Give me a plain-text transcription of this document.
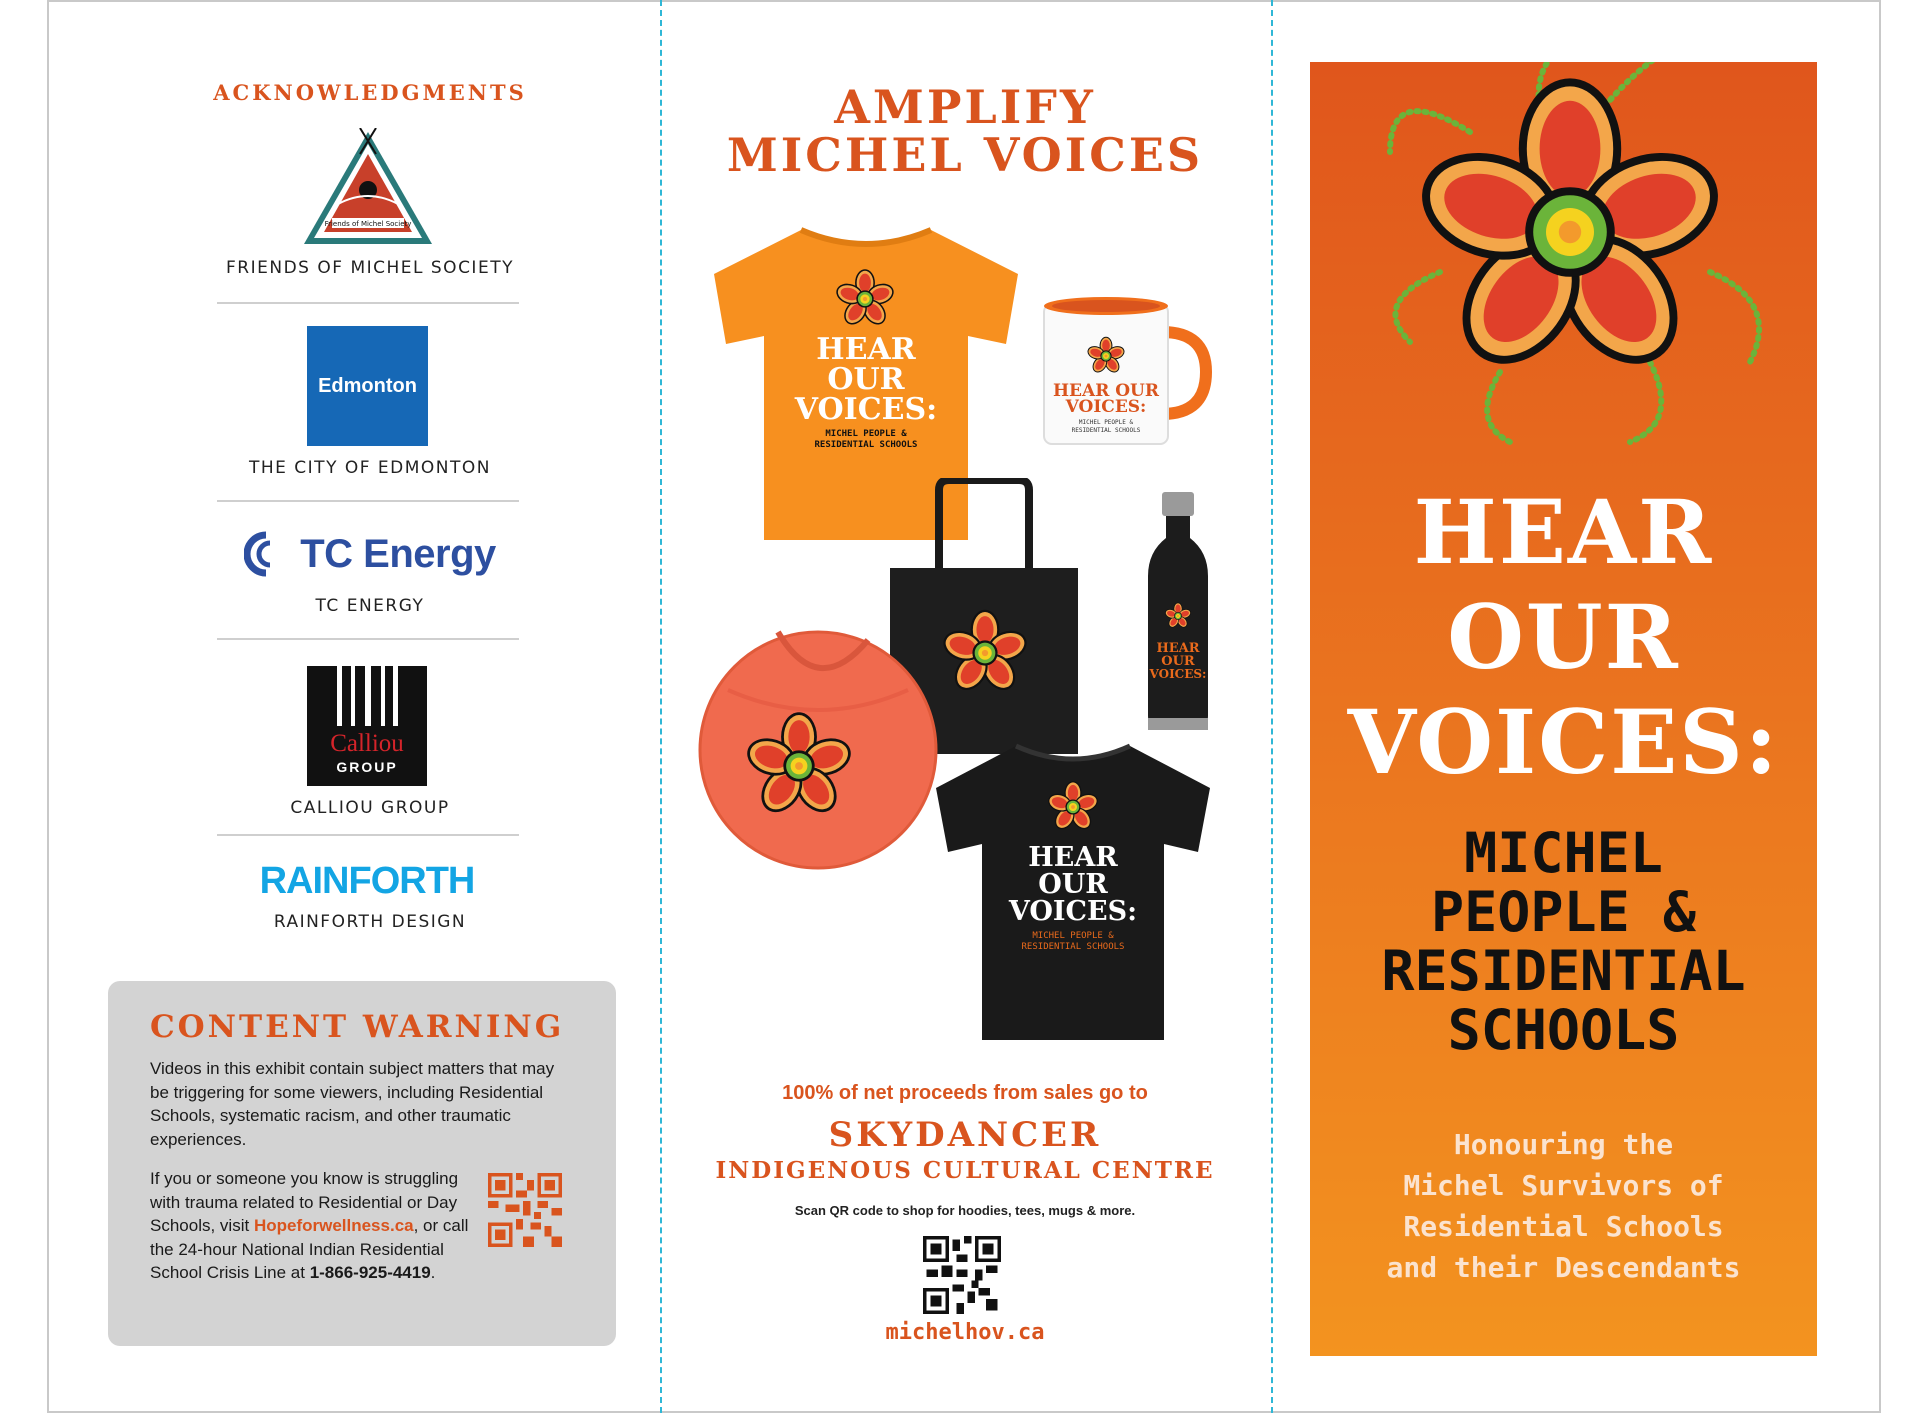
ACKNOWLEDGMENTS
Friends of Michel Society
FRIENDS OF MICHEL SOCIETY
Edmonton
THE CITY OF EDMONTON
TC Energy
TC ENERGY
Calliou
GROUP
CALLIOU GROUP
RAINFORTH
RAINFORTH DESIGN
CONTENT WARNING
Videos in this exhibit contain subject matters that may be triggering for some viewers, including Residential Schools, systematic racism, and other traumatic experiences.
If you or someone you know is struggling with trauma related to Residential or Day Schools, visit Hopeforwellness.ca, or call the 24-hour National Indian Residential School Crisis Line at 1-866-925-4419.
AMPLIFY
MICHEL VOICES
HEAR
OUR
VOICES:
MICHEL PEOPLE &
RESIDENTIAL SCHOOLS
HEAR OUR
VOICES:
MICHEL PEOPLE &
RESIDENTIAL SCHOOLS
HEAR
OUR
VOICES:
HEAR
OUR
VOICES:
MICHEL PEOPLE &
RESIDENTIAL SCHOOLS
100% of net proceeds from sales go to
SKYDANCER
INDIGENOUS CULTURAL CENTRE
Scan QR code to shop for hoodies, tees, mugs & more.
michelhov.ca
HEAR
OUR
VOICES:
MICHEL
PEOPLE &
RESIDENTIAL
SCHOOLS
Honouring the
Michel Survivors of
Residential Schools
and their Descendants
